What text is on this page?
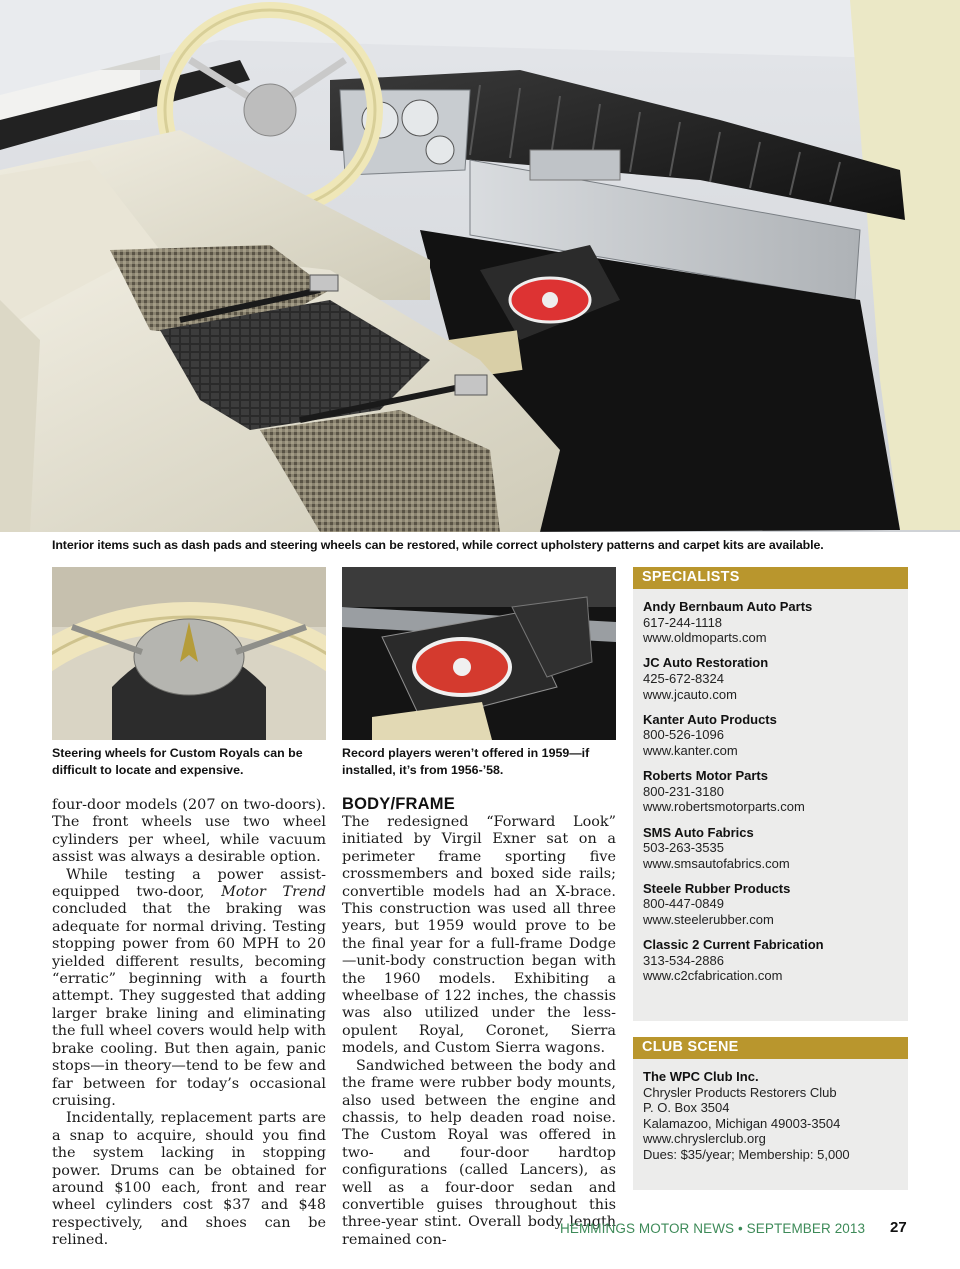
Interior items such as dash pads and steering wheels can be restored, while correct upholstery patterns and carpet kits are available.
Steering wheels for Custom Royals can be difficult to locate and expensive.
Record players weren’t offered in 1959—if installed, it’s from 1956-’58.

four-door models (207 on two-doors). The front wheels use two wheel cylinders per wheel, while vacuum assist was always a desirable option.

While testing a power assist-equipped two-door, Motor Trend concluded that the braking was adequate for normal driving. Testing stopping power from 60 MPH to 20 yielded different results, becoming “erratic” beginning with a fourth attempt. They suggested that adding larger brake lining and eliminating the full wheel covers would help with brake cooling. But then again, panic stops—in theory—tend to be few and far between for today’s occasional cruising.

Incidentally, replacement parts are a snap to acquire, should you find the system lacking in stopping power. Drums can be obtained for around $100 each, front and rear wheel cylinders cost $37 and $48 respectively, and shoes can be relined.

BODY/FRAME

The redesigned “Forward Look” initiated by Virgil Exner sat on a perimeter frame sporting five crossmembers and boxed side rails; convertible models had an X-brace. This construction was used all three years, but 1959 would prove to be the final year for a full-frame Dodge—unit-body construction began with the 1960 models. Exhibiting a wheelbase of 122 inches, the chassis was also utilized under the less-opulent Royal, Coronet, Sierra models, and Custom Sierra wagons.

Sandwiched between the body and the frame were rubber body mounts, also used between the engine and chassis, to help deaden road noise. The Custom Royal was offered in two- and four-door hardtop configurations (called Lancers), as well as a four-door sedan and convertible guises throughout this three-year stint. Overall body length remained con-

SPECIALISTS
Andy Bernbaum Auto Parts
617-244-1118
www.oldmoparts.com
JC Auto Restoration
425-672-8324
www.jcauto.com
Kanter Auto Products
800-526-1096
www.kanter.com
Roberts Motor Parts
800-231-3180
www.robertsmotorparts.com
SMS Auto Fabrics
503-263-3535
www.smsautofabrics.com
Steele Rubber Products
800-447-0849
www.steelerubber.com
Classic 2 Current Fabrication
313-534-2886
www.c2cfabrication.com
CLUB SCENE
The WPC Club Inc.
Chrysler Products Restorers Club
P. O. Box 3504
Kalamazoo, Michigan 49003-3504
www.chryslerclub.org
Dues: $35/year; Membership: 5,000
HEMMINGS MOTOR NEWS • SEPTEMBER 2013 27
